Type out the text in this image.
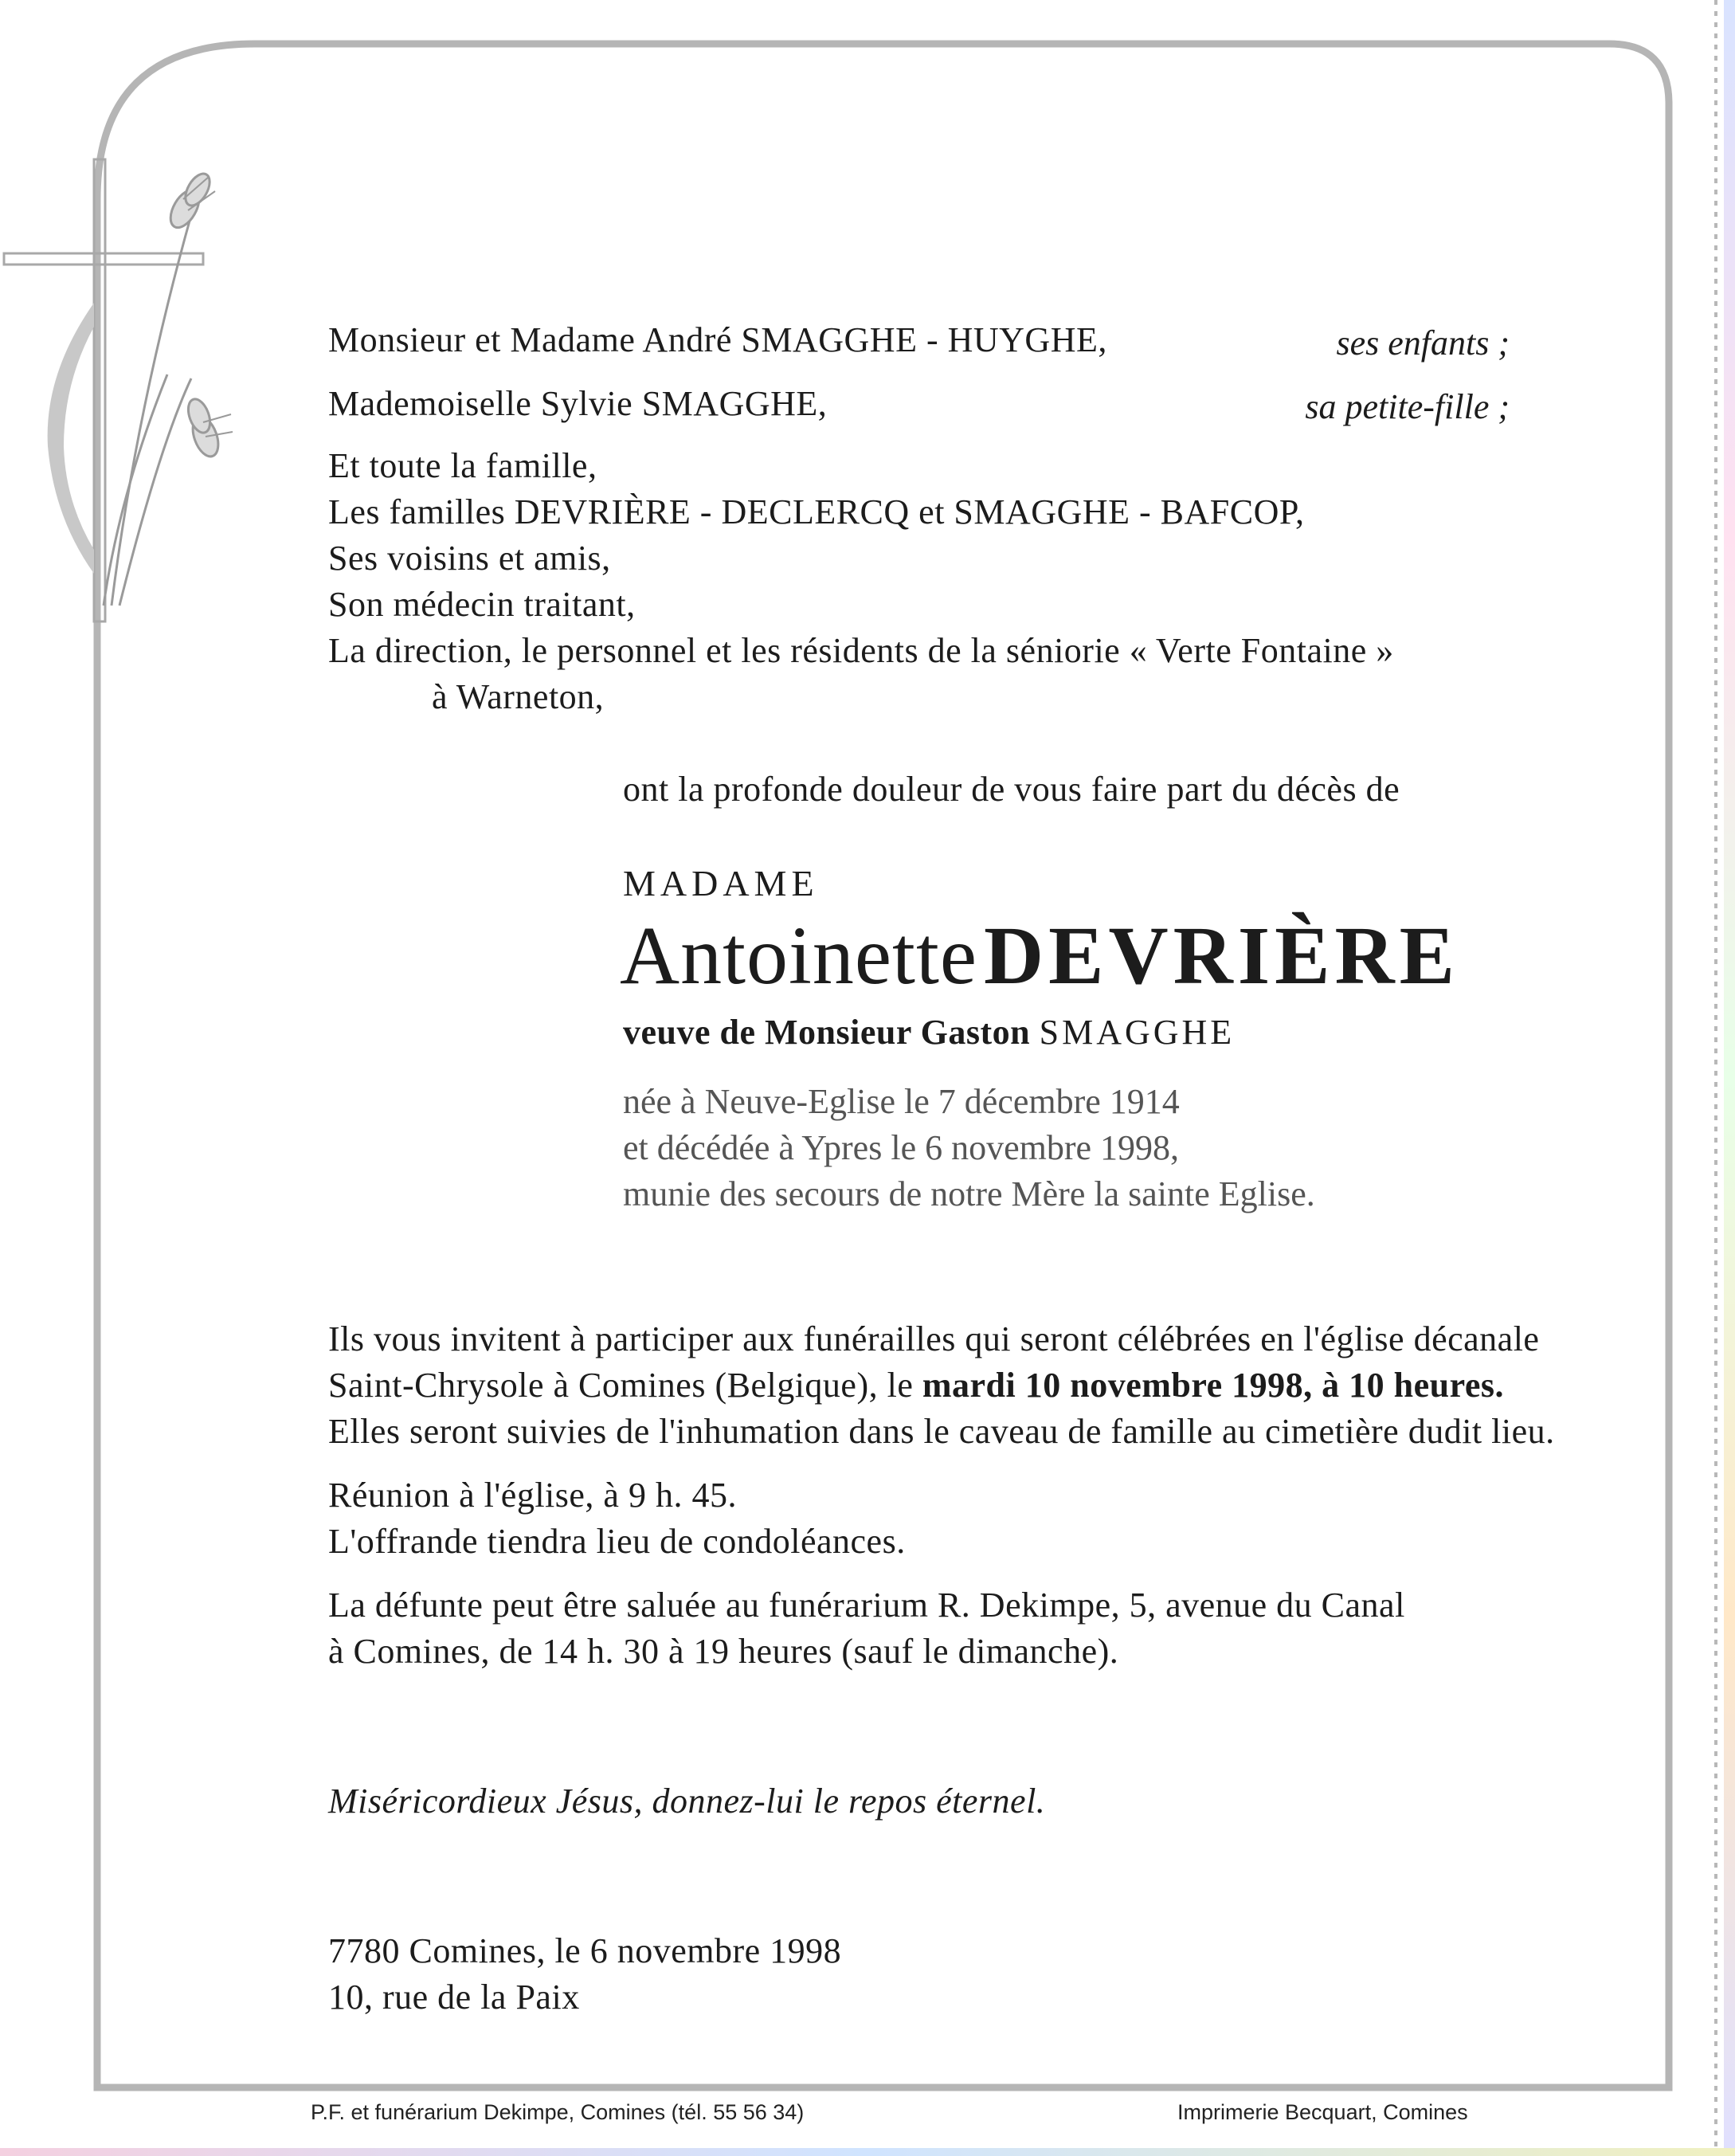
Monsieur et Madame André SMAGGHE - HUYGHE,	ses enfants ;
Mademoiselle Sylvie SMAGGHE,	sa petite-fille ;
Et toute la famille,
Les familles DEVRIÈRE - DECLERCQ et SMAGGHE - BAFCOP,
Ses voisins et amis,
Son médecin traitant,
La direction, le personnel et les résidents de la séniorie « Verte Fontaine »
à Warneton,
ont la profonde douleur de vous faire part du décès de
MADAME
Antoinette  DEVRIÈRE
veuve de Monsieur Gaston SMAGGHE
née à Neuve-Eglise le 7 décembre 1914
et décédée à Ypres le 6 novembre 1998,
munie des secours de notre Mère la sainte Eglise.
Ils vous invitent à participer aux funérailles qui seront célébrées en l'église décanale
Saint-Chrysole à Comines (Belgique), le mardi 10 novembre 1998, à 10 heures.
Elles seront suivies de l'inhumation dans le caveau de famille au cimetière dudit lieu.
Réunion à l'église, à 9 h. 45.
L'offrande tiendra lieu de condoléances.
La défunte peut être saluée au funérarium R. Dekimpe, 5, avenue du Canal
à Comines, de 14 h. 30 à 19 heures (sauf le dimanche).
Miséricordieux Jésus, donnez-lui le repos éternel.
7780 Comines, le 6 novembre 1998
10, rue de la Paix
P.F. et funérarium Dekimpe, Comines (tél. 55 56 34)	Imprimerie Becquart, Comines
